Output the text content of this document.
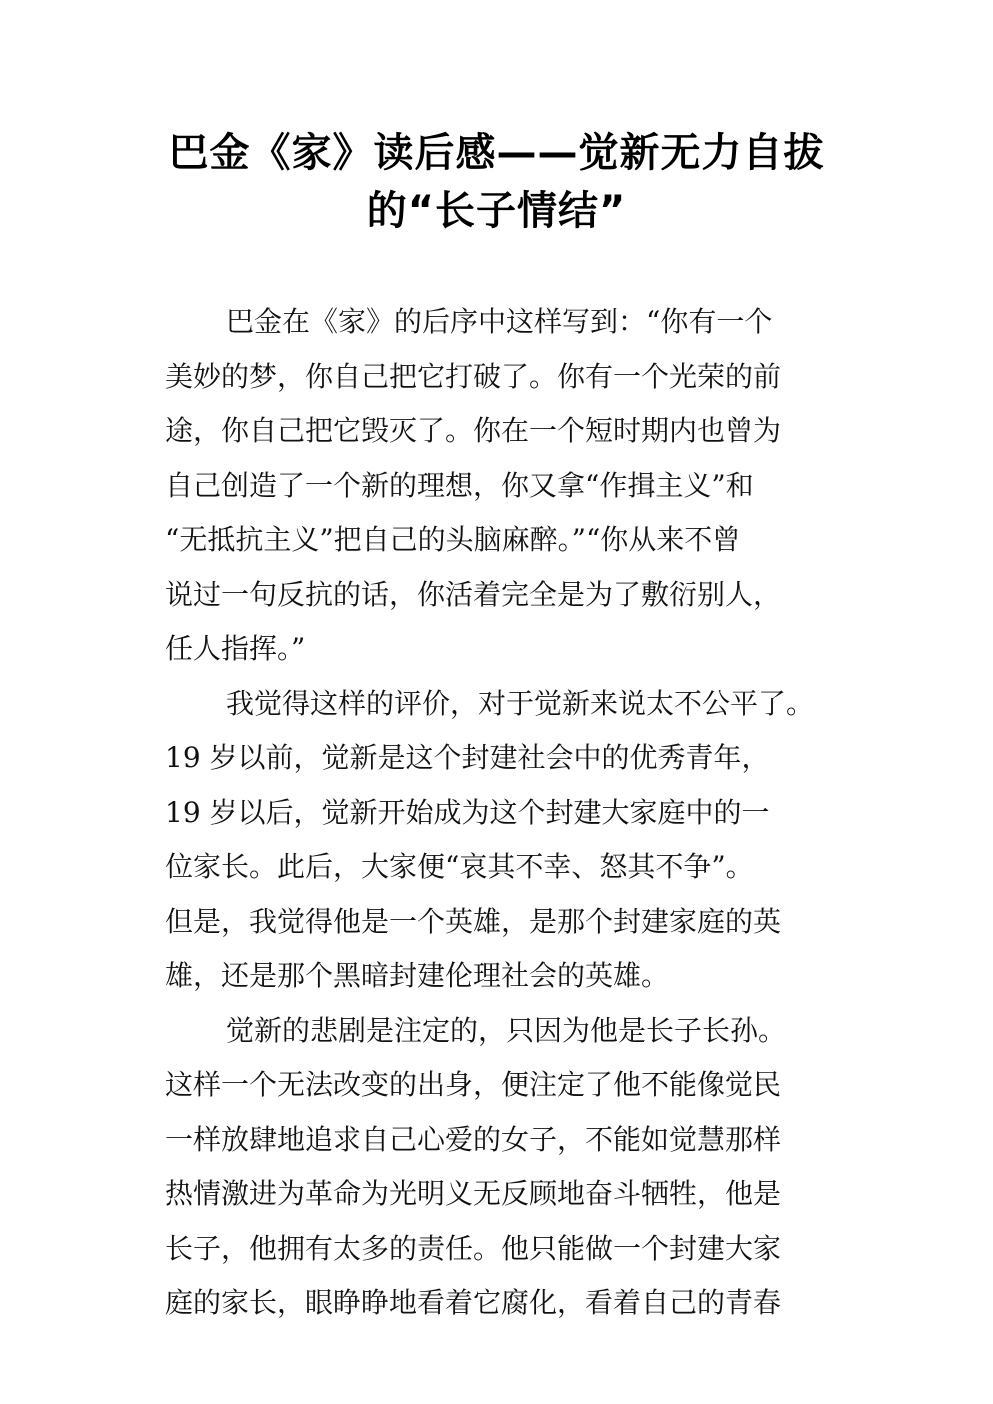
巴金《家》读后感——觉新无力自拔
的“长子情结”
巴金在《家》的后序中这样写到：“你有一个
美妙的梦，你自己把它打破了。你有一个光荣的前
途，你自己把它毁灭了。你在一个短时期内也曾为
自己创造了一个新的理想，你又拿“作揖主义”和
“无抵抗主义”把自己的头脑麻醉。”“你从来不曾
说过一句反抗的话，你活着完全是为了敷衍别人，
任人指挥。”
我觉得这样的评价，对于觉新来说太不公平了。
19 岁以前，觉新是这个封建社会中的优秀青年，
19 岁以后，觉新开始成为这个封建大家庭中的一
位家长。此后，大家便“哀其不幸、怒其不争”。
但是，我觉得他是一个英雄，是那个封建家庭的英
雄，还是那个黑暗封建伦理社会的英雄。
觉新的悲剧是注定的，只因为他是长子长孙。
这样一个无法改变的出身，便注定了他不能像觉民
一样放肆地追求自己心爱的女子，不能如觉慧那样
热情激进为革命为光明义无反顾地奋斗牺牲，他是
长子，他拥有太多的责任。他只能做一个封建大家
庭的家长，眼睁睁地看着它腐化，看着自己的青春
